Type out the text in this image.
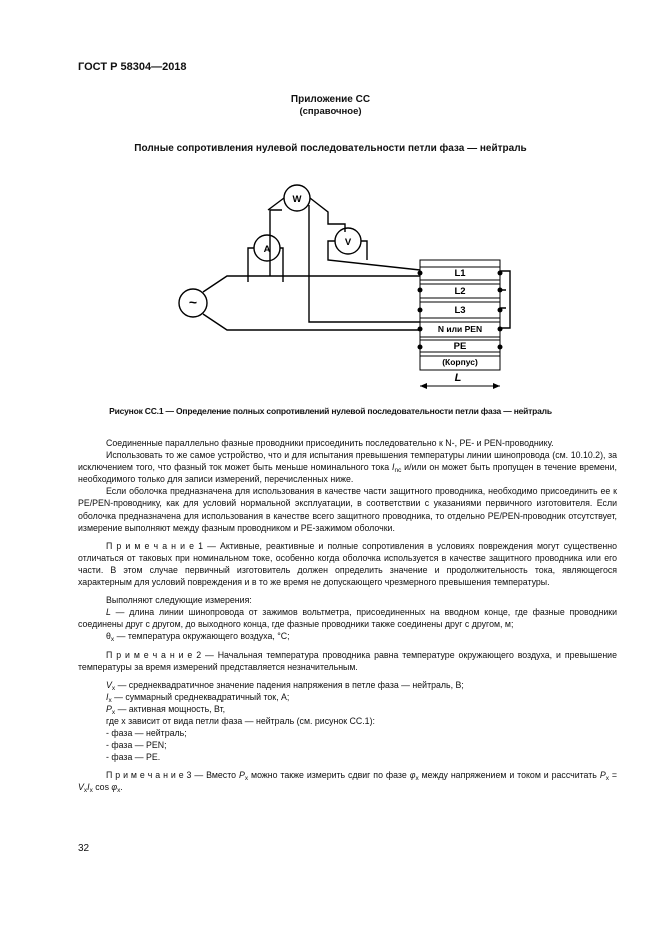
ГОСТ Р 58304—2018
Приложение СС
(справочное)
Полные сопротивления нулевой последовательности петли фаза — нейтраль
~
W
A
V
L1
L2
L3
N или PEN
PE
(Корпус)
L
Рисунок СС.1 — Определение полных сопротивлений нулевой последовательности петли фаза — нейтраль

Соединенные параллельно фазные проводники присоединить последовательно к N-, PE- и PEN-проводнику.

Использовать то же самое устройство, что и для испытания превышения температуры линии шинопровода (см. 10.10.2), за исключением того, что фазный ток может быть меньше номинального тока $I_{nc}$ и/или он может быть пропущен в течение времени, необходимого только для записи измерений, перечисленных ниже.

Если оболочка предназначена для использования в качестве части защитного проводника, необходимо присоединить ее к PE/PEN-проводнику, как для условий нормальной эксплуатации, в соответствии с указаниями первичного изготовителя. Если оболочка предназначена для использования в качестве всего защитного проводника, то отдельно PE/PEN-проводник отсутствует, измерение выполняют между фазным проводником и PE-зажимом оболочки.

П р и м е ч а н и е 1 — Активные, реактивные и полные сопротивления в условиях повреждения могут существенно отличаться от таковых при номинальном токе, особенно когда оболочка используется в качестве защитного проводника или его части. В этом случае первичный изготовитель должен определить значение и продолжительность тока, являющегося характерным для условий повреждения и в то же время не допускающего чрезмерного превышения температуры.

Выполняют следующие измерения:

L — длина линии шинопровода от зажимов вольтметра, присоединенных на вводном конце, где фазные проводники соединены друг с другом, до выходного конца, где фазные проводники также соединены друг с другом, м;

$\theta_x$ — температура окружающего воздуха, °С;

П р и м е ч а н и е 2 — Начальная температура проводника равна температуре окружающего воздуха, и превышение температуры за время измерений представляется незначительным.

$V_x$ — среднеквадратичное значение падения напряжения в петле фаза — нейтраль, В;

$I_x$ — суммарный среднеквадратичный ток, А;

$P_x$ — активная мощность, Вт,

где x зависит от вида петли фаза — нейтраль (см. рисунок СС.1):

- фаза — нейтраль;

- фаза — PEN;

- фаза — PE.

П р и м е ч а н и е 3 — Вместо $P_x$ можно также измерить сдвиг по фазе $\varphi_x$ между напряжением и током и рассчитать $P_x = V_xI_x$ $\cos \varphi_x$.

32
